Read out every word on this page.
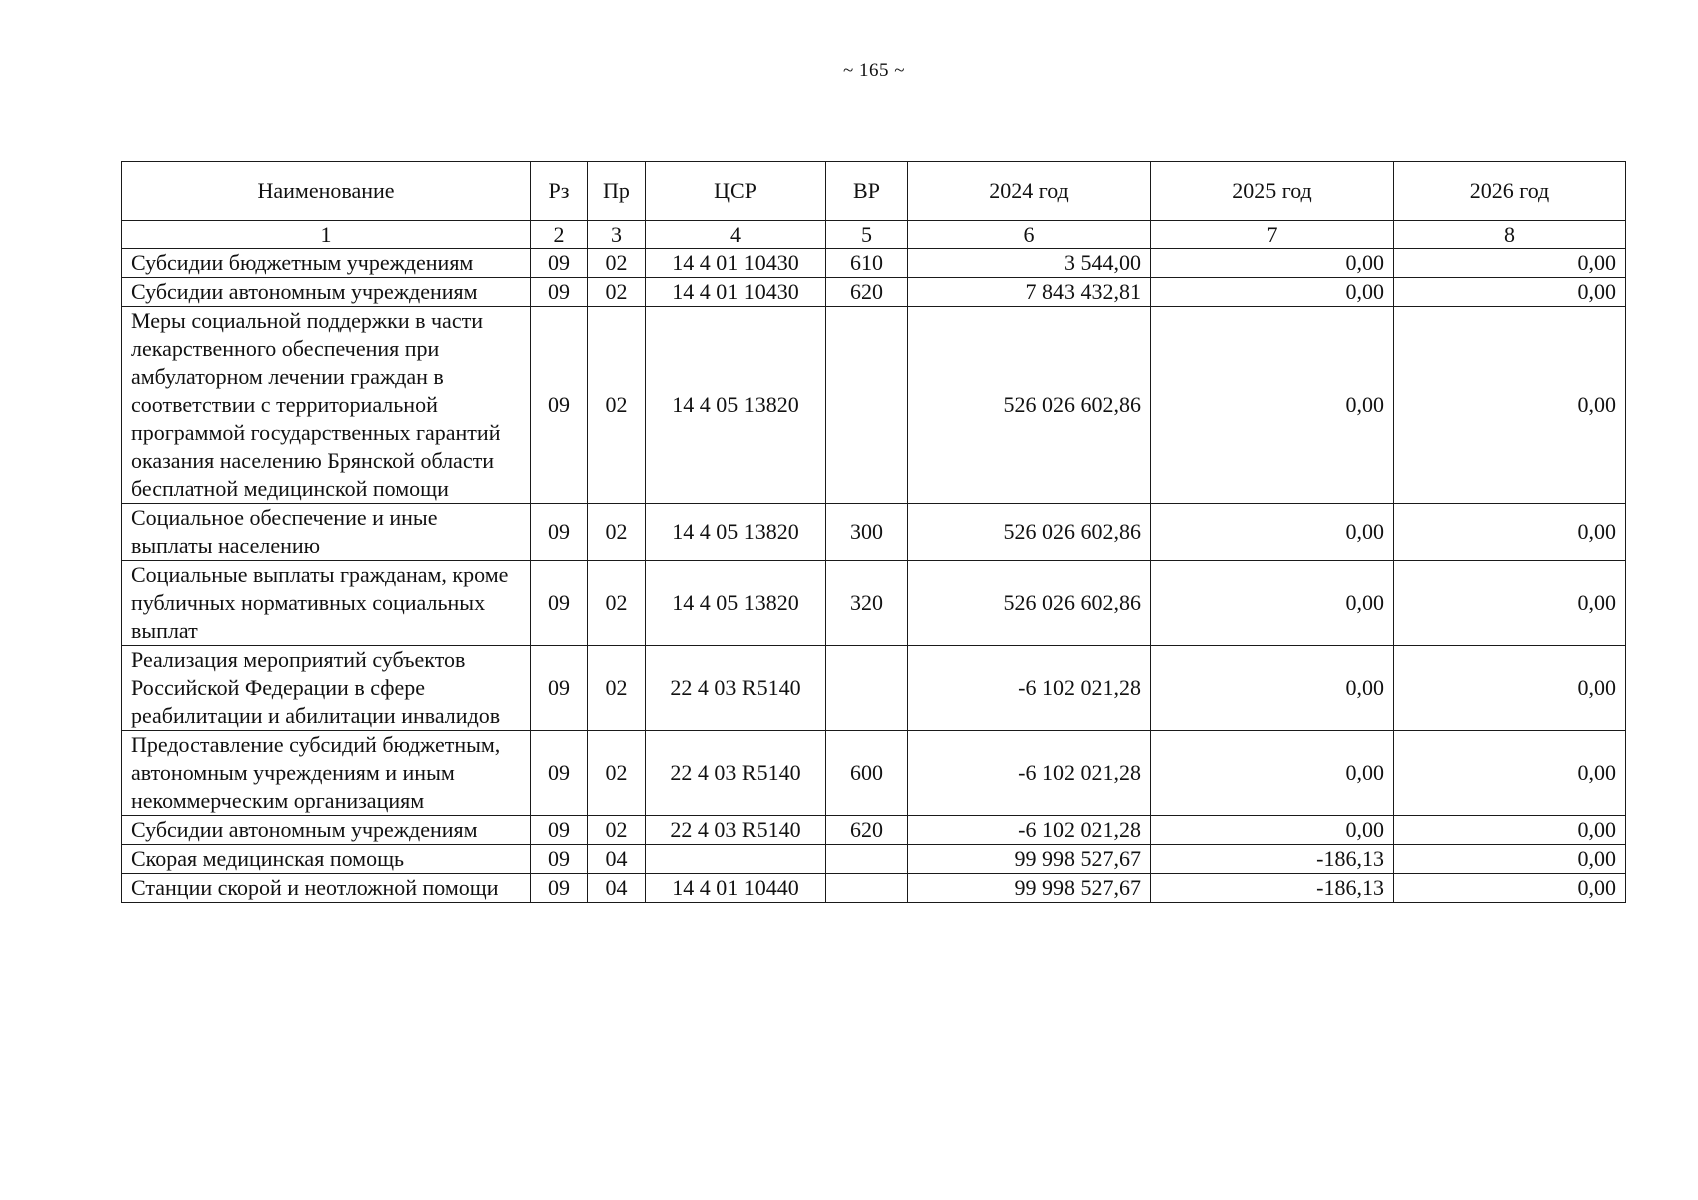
~ 165 ~
Наименование	Рз	Пр	ЦСР	ВР	2024 год	2025 год	2026 год
1	2	3	4	5	6	7	8
Субсидии бюджетным учреждениям	09	02	14 4 01 10430	610	3 544,00	0,00	0,00
Субсидии автономным учреждениям	09	02	14 4 01 10430	620	7 843 432,81	0,00	0,00
Меры социальной поддержки в части лекарственного обеспечения при амбулаторном лечении граждан в соответствии с территориальной программой государственных гарантий оказания населению Брянской области бесплатной медицинской помощи	09	02	14 4 05 13820		526 026 602,86	0,00	0,00
Социальное обеспечение и иные выплаты населению	09	02	14 4 05 13820	300	526 026 602,86	0,00	0,00
Социальные выплаты гражданам, кроме публичных нормативных социальных выплат	09	02	14 4 05 13820	320	526 026 602,86	0,00	0,00
Реализация мероприятий субъектов Российской Федерации в сфере реабилитации и абилитации инвалидов	09	02	22 4 03 R5140		-6 102 021,28	0,00	0,00
Предоставление субсидий бюджетным, автономным учреждениям и иным некоммерческим организациям	09	02	22 4 03 R5140	600	-6 102 021,28	0,00	0,00
Субсидии автономным учреждениям	09	02	22 4 03 R5140	620	-6 102 021,28	0,00	0,00
Скорая медицинская помощь	09	04			99 998 527,67	-186,13	0,00
Станции скорой и неотложной помощи	09	04	14 4 01 10440		99 998 527,67	-186,13	0,00
